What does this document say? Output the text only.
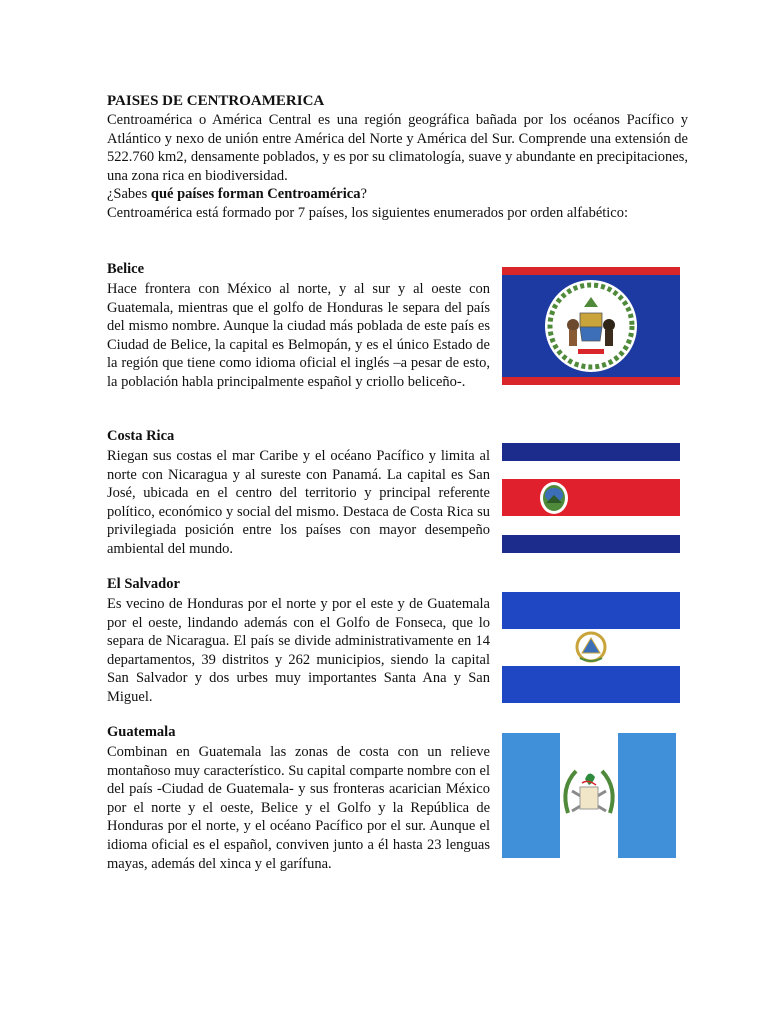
PAISES DE CENTROAMERICA

Centroamérica o América Central es una región geográfica bañada por los océanos Pacífico y Atlántico y nexo de unión entre América del Norte y América del Sur. Comprende una extensión de 522.760 km2, densamente poblados, y es por su climatología, suave y abundante en precipitaciones, una zona rica en biodiversidad.

¿Sabes qué países forman Centroamérica?

Centroamérica está formado por 7 países, los siguientes enumerados por orden alfabético:

Belice

Hace frontera con México al norte, y al sur y al oeste con Guatemala, mientras que el golfo de Honduras le separa del país del mismo nombre. Aunque la ciudad más poblada de este país es Ciudad de Belice, la capital es Belmopán, y es el único Estado de la región que tiene como idioma oficial el inglés –a pesar de esto, la población habla principalmente español y criollo beliceño-.

Costa Rica

Riegan sus costas el mar Caribe y el océano Pacífico y limita al norte con Nicaragua y al sureste con Panamá. La capital es San José, ubicada en el centro del territorio y principal referente político, económico y social del mismo. Destaca de Costa Rica su privilegiada posición entre los países con mayor desempeño ambiental del mundo.

El Salvador

Es vecino de Honduras por el norte y por el este y de Guatemala por el oeste, lindando además con el Golfo de Fonseca, que lo separa de Nicaragua. El país se divide administrativamente en 14 departamentos, 39 distritos y 262 municipios, siendo la capital San Salvador y dos urbes muy importantes Santa Ana y San Miguel.

Guatemala

Combinan en Guatemala las zonas de costa con un relieve montañoso muy característico. Su capital comparte nombre con el del país -Ciudad de Guatemala- y sus fronteras acarician México por el norte y el oeste, Belice y el Golfo y la República de Honduras por el norte, y el océano Pacífico por el sur. Aunque el idioma oficial es el español, conviven junto a él hasta 23 lenguas mayas, además del xinca y el garífuna.
